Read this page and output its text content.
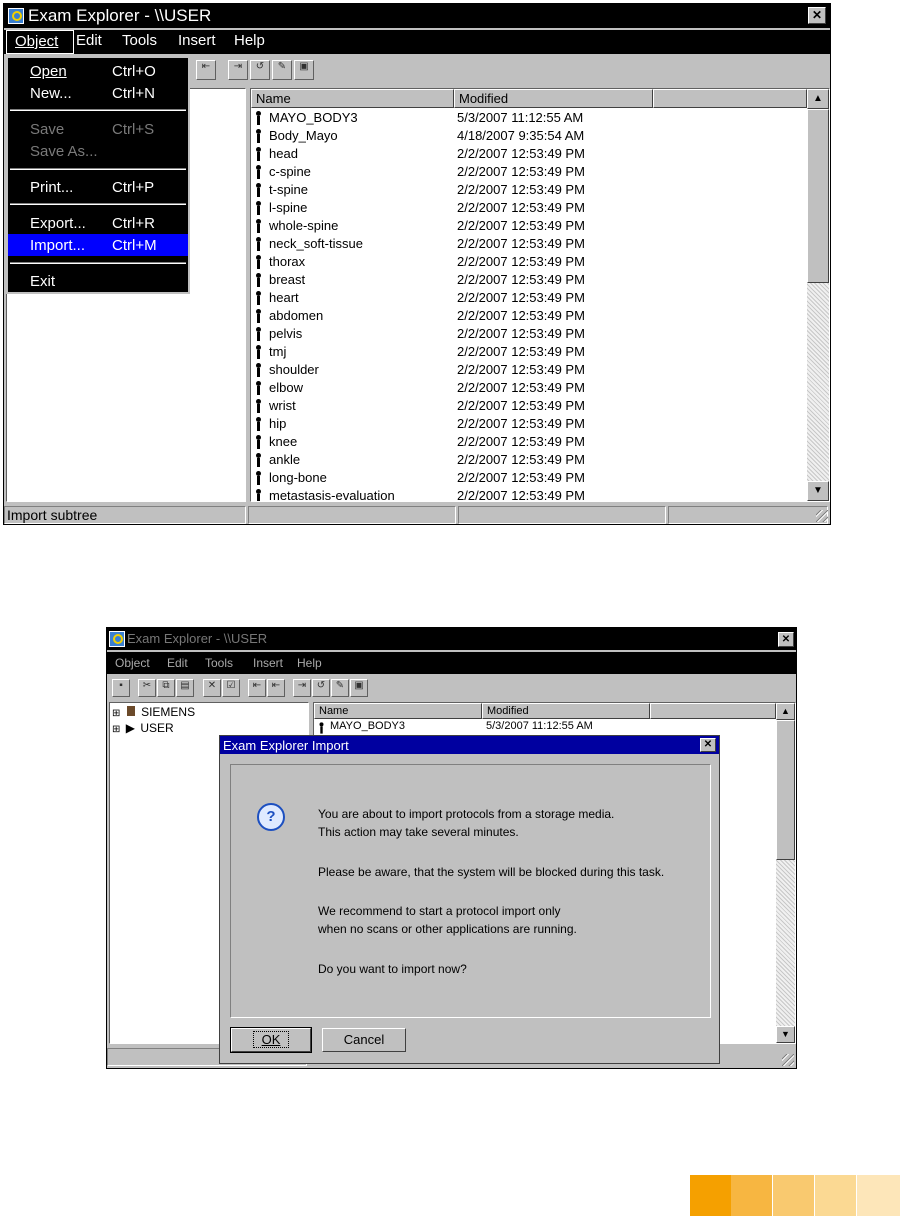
Exam Explorer - \\USER	✕
Object Edit Tools Insert Help
⇤	⇥	↺	✎	▣
Name	Modified
MAYO_BODY3	5/3/2007 11:12:55 AM
Body_Mayo	4/18/2007 9:35:54 AM
head	2/2/2007 12:53:49 PM
c-spine	2/2/2007 12:53:49 PM
t-spine	2/2/2007 12:53:49 PM
l-spine	2/2/2007 12:53:49 PM
whole-spine	2/2/2007 12:53:49 PM
neck_soft-tissue	2/2/2007 12:53:49 PM
thorax	2/2/2007 12:53:49 PM
breast	2/2/2007 12:53:49 PM
heart	2/2/2007 12:53:49 PM
abdomen	2/2/2007 12:53:49 PM
pelvis	2/2/2007 12:53:49 PM
tmj	2/2/2007 12:53:49 PM
shoulder	2/2/2007 12:53:49 PM
elbow	2/2/2007 12:53:49 PM
wrist	2/2/2007 12:53:49 PM
hip	2/2/2007 12:53:49 PM
knee	2/2/2007 12:53:49 PM
ankle	2/2/2007 12:53:49 PM
long-bone	2/2/2007 12:53:49 PM
metastasis-evaluation	2/2/2007 12:53:49 PM
▲
▼
Import subtree
Open	Ctrl+O
New...	Ctrl+N
Save	Ctrl+S
Save As...
Print...	Ctrl+P
Export... Ctrl+R
Import... Ctrl+M
Exit
Exam Explorer - \\USER	✕
Object Edit Tools Insert Help
▪	✂	⧉	▤	✕	☑	⇤	⇤	⇥	↺	✎	▣
⊞ SIEMENS
⊞ ▶ USER
Name	Modified
MAYO_BODY3	5/3/2007 11:12:55 AM
▲
▼
Exam Explorer Import	✕
?	You are about to import protocols from a storage media.
This action may take several minutes.
Please be aware, that the system will be blocked during this task.
We recommend to start a protocol import only
when no scans or other applications are running.
Do you want to import now?
OK	Cancel
